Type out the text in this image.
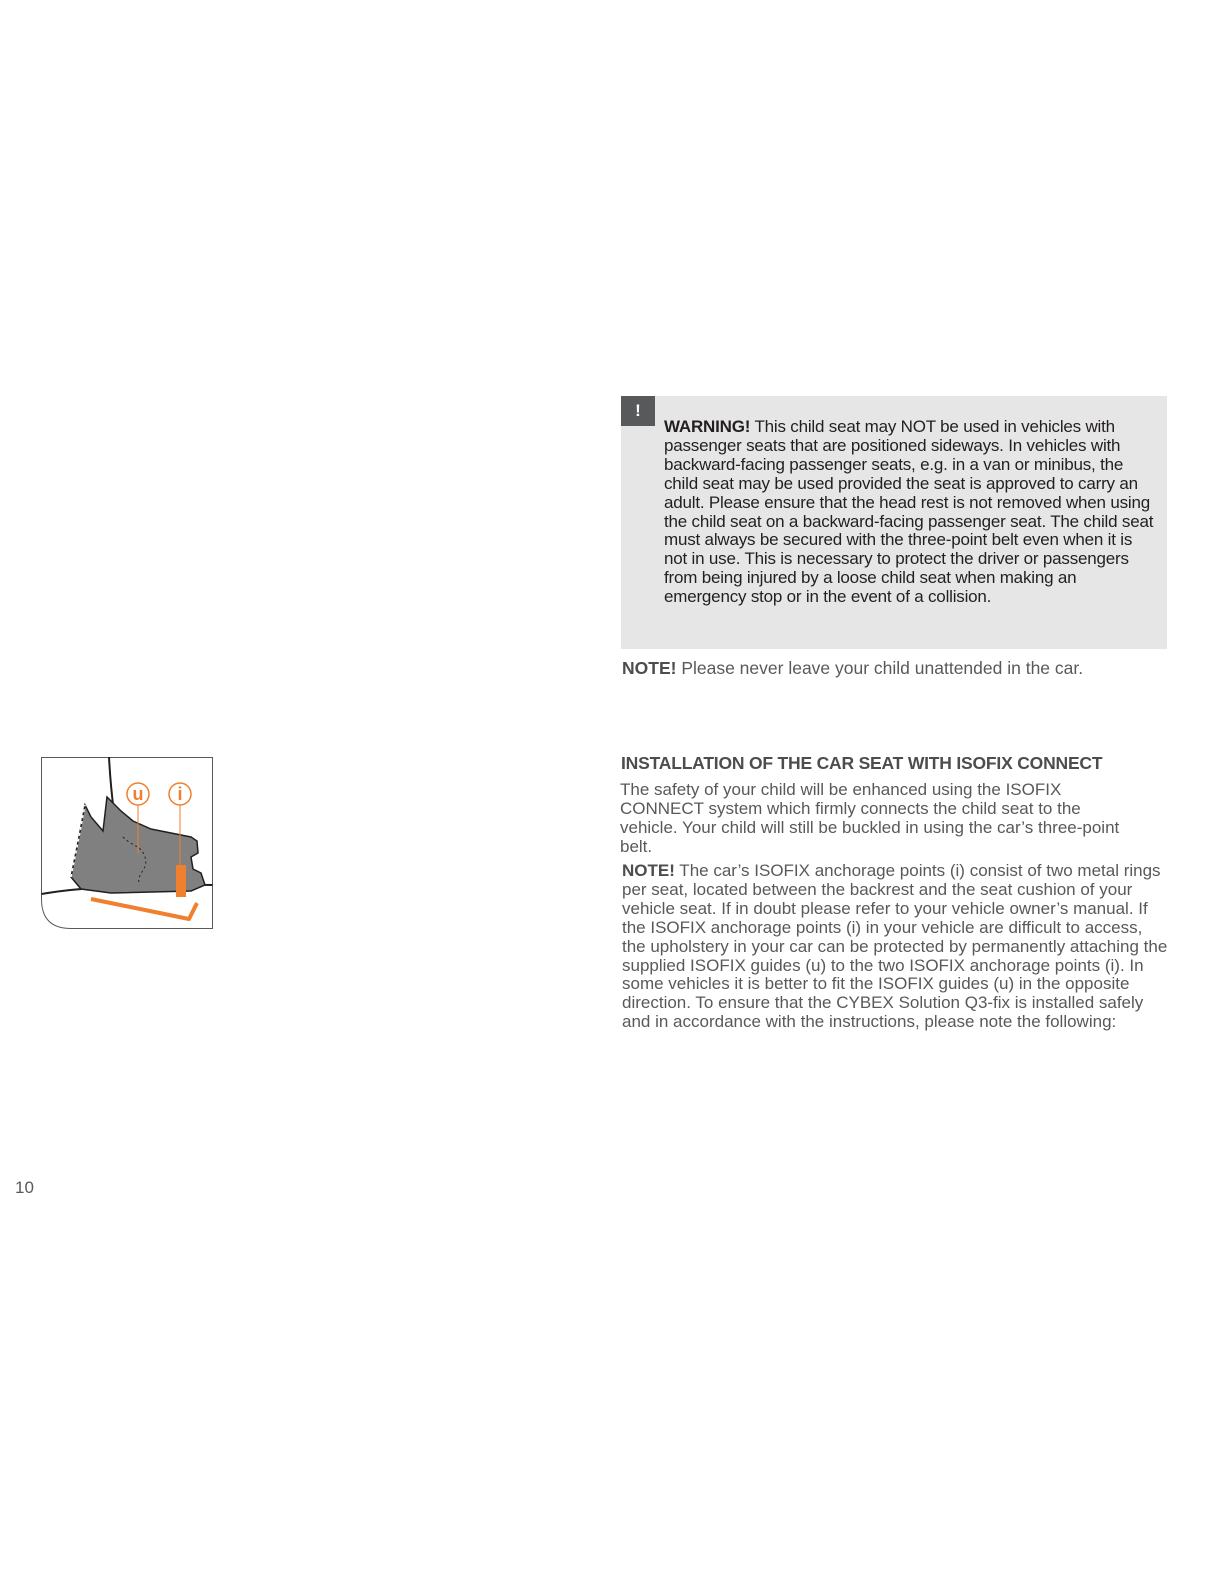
!
WARNING! This child seat may NOT be used in vehicles with passenger seats that are positioned sideways. In vehicles with backward-facing passenger seats, e.g. in a van or minibus, the child seat may be used provided the seat is approved to carry an adult. Please ensure that the head rest is not removed when using the child seat on a backward-facing passenger seat. The child seat must always be secured with the three-point belt even when it is not in use. This is necessary to protect the driver or passengers from being injured by a loose child seat when making an emergency stop or in the event of a collision.
NOTE! Please never leave your child unattended in the car.
INSTALLATION OF THE CAR SEAT WITH ISOFIX CONNECT
The safety of your child will be enhanced using the ISOFIX CONNECT system which firmly connects the child seat to the vehicle. Your child will still be buckled in using the car’s three-point belt.
NOTE! The car’s ISOFIX anchorage points (i) consist of two metal rings per seat, located between the backrest and the seat cushion of your vehicle seat. If in doubt please refer to your vehicle owner’s manual. If the ISOFIX anchorage points (i) in your vehicle are difficult to access, the upholstery in your car can be protected by permanently attaching the supplied ISOFIX guides (u) to the two ISOFIX anchorage points (i). In some vehicles it is better to fit the ISOFIX guides (u) in the opposite direction. To ensure that the CYBEX Solution Q3-fix is installed safely and in accordance with the instructions, please note the following:
u i
10
